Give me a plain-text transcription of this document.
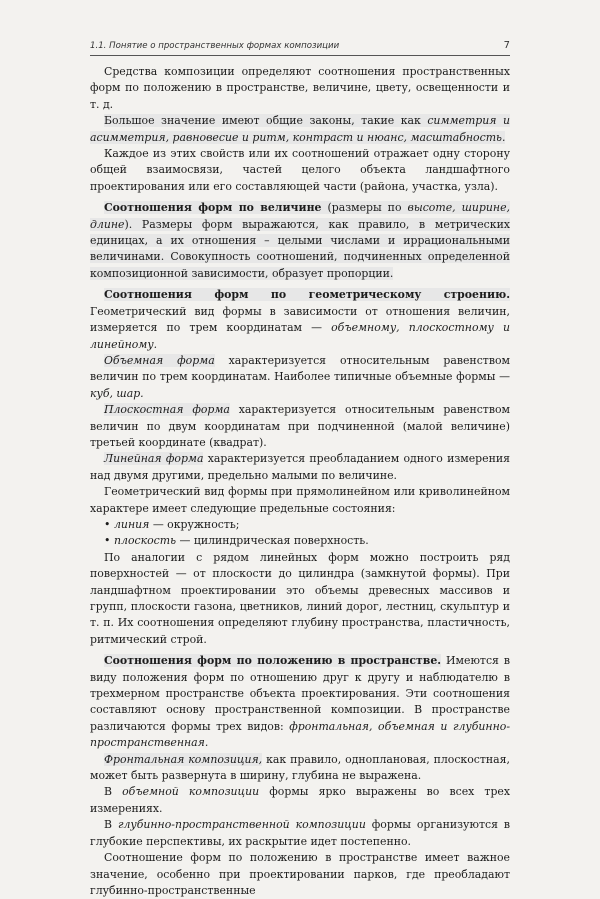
1.1. Понятие о пространственных формах композиции	7

Средства композиции определяют соотношения пространственных форм по положению в пространстве, величине, цвету, освещенности и т. д.

Большое значение имеют общие законы, такие как симметрия и асимметрия, равновесие и ритм, контраст и нюанс, масштабность.

Каждое из этих свойств или их соотношений отражает одну сторону общей взаимосвязи, частей целого объекта ландшафтного проектирования или его составляющей части (района, участка, узла).

Соотношения форм по величине (размеры по высоте, ширине, длине). Размеры форм выражаются, как правило, в метрических единицах, а их отношения – целыми числами и иррациональными величинами. Совокупность соотношений, подчиненных определенной композиционной зависимости, образует пропорции.

Соотношения форм по геометрическому строению. Геометрический вид формы в зависимости от отношения величин, измеряется по трем координатам — объемному, плоскостному и линейному.

Объемная форма характеризуется относительным равенством величин по трем координатам. Наиболее типичные объемные формы — куб, шар.

Плоскостная форма характеризуется относительным равенством величин по двум координатам при подчиненной (малой величине) третьей координате (квадрат).

Линейная форма характеризуется преобладанием одного измерения над двумя другими, предельно малыми по величине.

Геометрический вид формы при прямолинейном или криволинейном характере имеет следующие предельные состояния:

• линия — окружность;
• плоскость — цилиндрическая поверхность.

По аналогии с рядом линейных форм можно построить ряд поверхностей — от плоскости до цилиндра (замкнутой формы). При ландшафтном проектировании это объемы древесных массивов и групп, плоскости газона, цветников, линий дорог, лестниц, скульптур и т. п. Их соотношения определяют глубину пространства, пластичность, ритмический строй.

Соотношения форм по положению в пространстве. Имеются в виду положения форм по отношению друг к другу и наблюдателю в трехмерном пространстве объекта проектирования. Эти соотношения составляют основу пространственной композиции. В пространстве различаются формы трех видов: фронтальная, объемная и глубинно-пространственная.

Фронтальная композиция, как правило, одноплановая, плоскостная, может быть развернута в ширину, глубина не выражена.

В объемной композиции формы ярко выражены во всех трех измерениях.

В глубинно-пространственной композиции формы организуются в глубокие перспективы, их раскрытие идет постепенно.

Соотношение форм по положению в пространстве имеет важное значение, особенно при проектировании парков, где преобладают глубинно-пространственные
